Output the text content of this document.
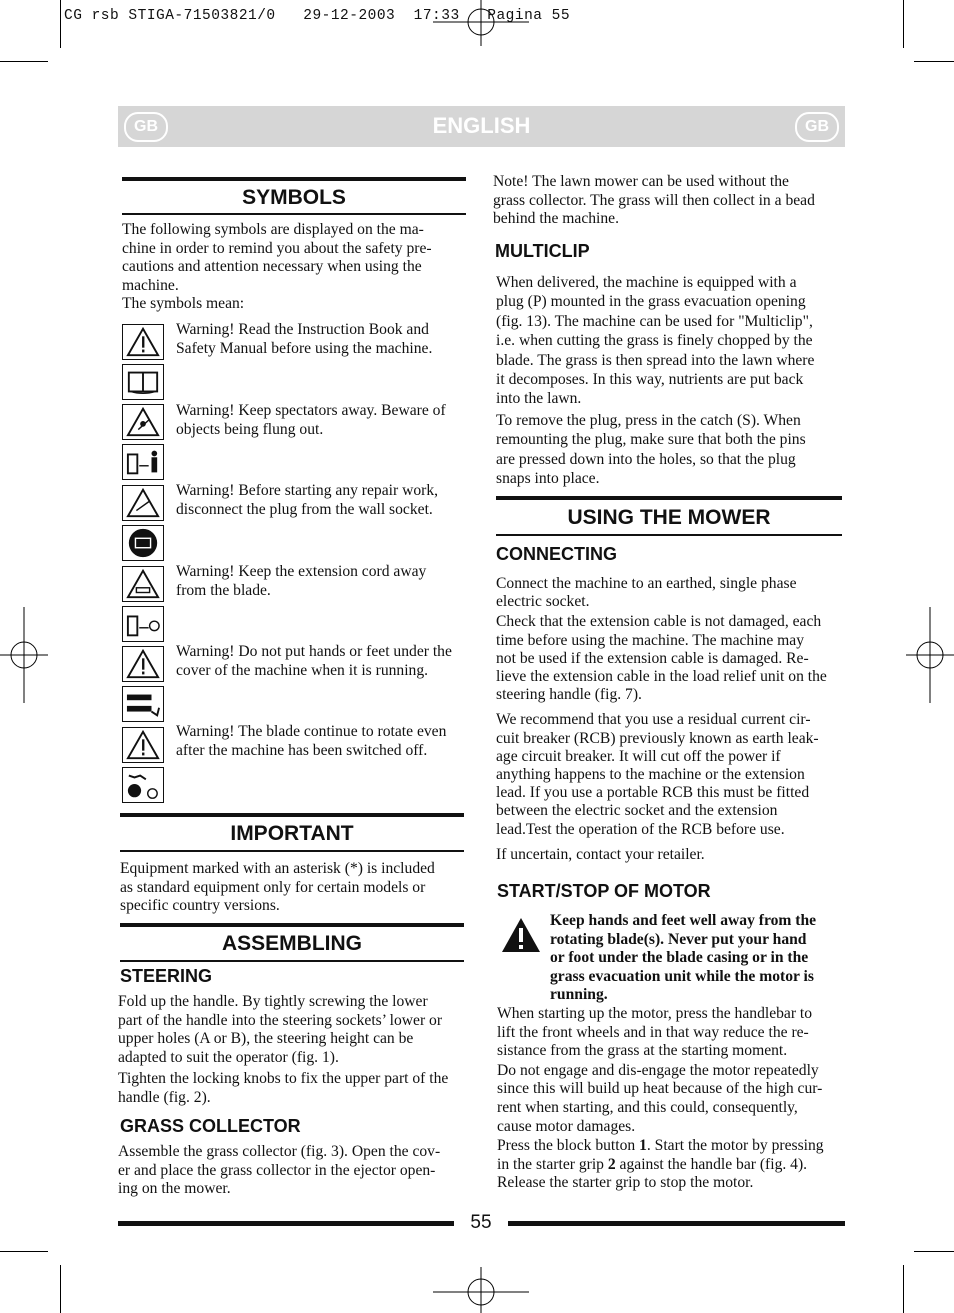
CG rsb STIGA-71503821/0   29-12-2003  17:33   Pagina 55
GB	ENGLISH	GB
SYMBOLS

The following symbols are displayed on the ma-

chine in order to remind you about the safety pre-

cautions and attention necessary when using the

machine.

The symbols mean:

Warning! Read the Instruction Book and
Safety Manual before using the machine.
Warning! Keep spectators away. Beware of
objects being flung out.
Warning! Before starting any repair work,
disconnect the plug from the wall socket.
Warning! Keep the extension cord away
from the blade.
Warning! Do not put hands or feet under the
cover of the machine when it is running.
Warning! The blade continue to rotate even
after the machine has been switched off.
IMPORTANT

Equipment marked with an asterisk (*) is included

as standard equipment only for certain models or

specific country versions.

ASSEMBLING
STEERING

Fold up the handle. By tightly screwing the lower

part of the handle into the steering sockets’ lower or

upper holes (A or B), the steering height can be

adapted to suit the operator (fig. 1).

Tighten the locking knobs to fix the upper part of the

handle (fig. 2).

GRASS COLLECTOR

Assemble the grass collector (fig. 3). Open the cov-

er and place the grass collector in the ejector open-

ing on the mower.

Note! The lawn mower can be used without the

grass collector. The grass will then collect in a bead

behind the machine.

MULTICLIP

When delivered, the machine is equipped with a

plug (P) mounted in the grass evacuation opening

(fig. 13). The machine can be used for "Multiclip",

i.e. when cutting the grass is finely chopped by the

blade. The grass is then spread into the lawn where

it decomposes. In this way, nutrients are put back

into the lawn.

To remove the plug, press in the catch (S). When

remounting the plug, make sure that both the pins

are pressed down into the holes, so that the plug

snaps into place.

USING THE MOWER
CONNECTING

Connect the machine to an earthed, single phase

electric socket.

Check that the extension cable is not damaged, each

time before using the machine. The machine may

not be used if the extension cable is damaged. Re-

lieve the extension cable in the load relief unit on the

steering handle (fig. 7).

We recommend that you use a residual current cir-

cuit breaker (RCB) previously known as earth leak-

age circuit breaker. It will cut off the power if

anything happens to the machine or the extension

lead. If you use a portable RCB this must be fitted

between the electric socket and the extension

lead.Test the operation of the RCB before use.

If uncertain, contact your retailer.

START/STOP OF MOTOR

Keep hands and feet well away from the

rotating blade(s). Never put your hand

or foot under the blade casing or in the

grass evacuation unit while the motor is

running.

When starting up the motor, press the handlebar to

lift the front wheels and in that way reduce the re-

sistance from the grass at the starting moment.

Do not engage and dis-engage the motor repeatedly

since this will build up heat because of the high cur-

rent when starting, and this could, consequently,

cause motor damages.

Press the block button 1. Start the motor by pressing
in the starter grip 2 against the handle bar (fig. 4).
Release the starter grip to stop the motor.

55
